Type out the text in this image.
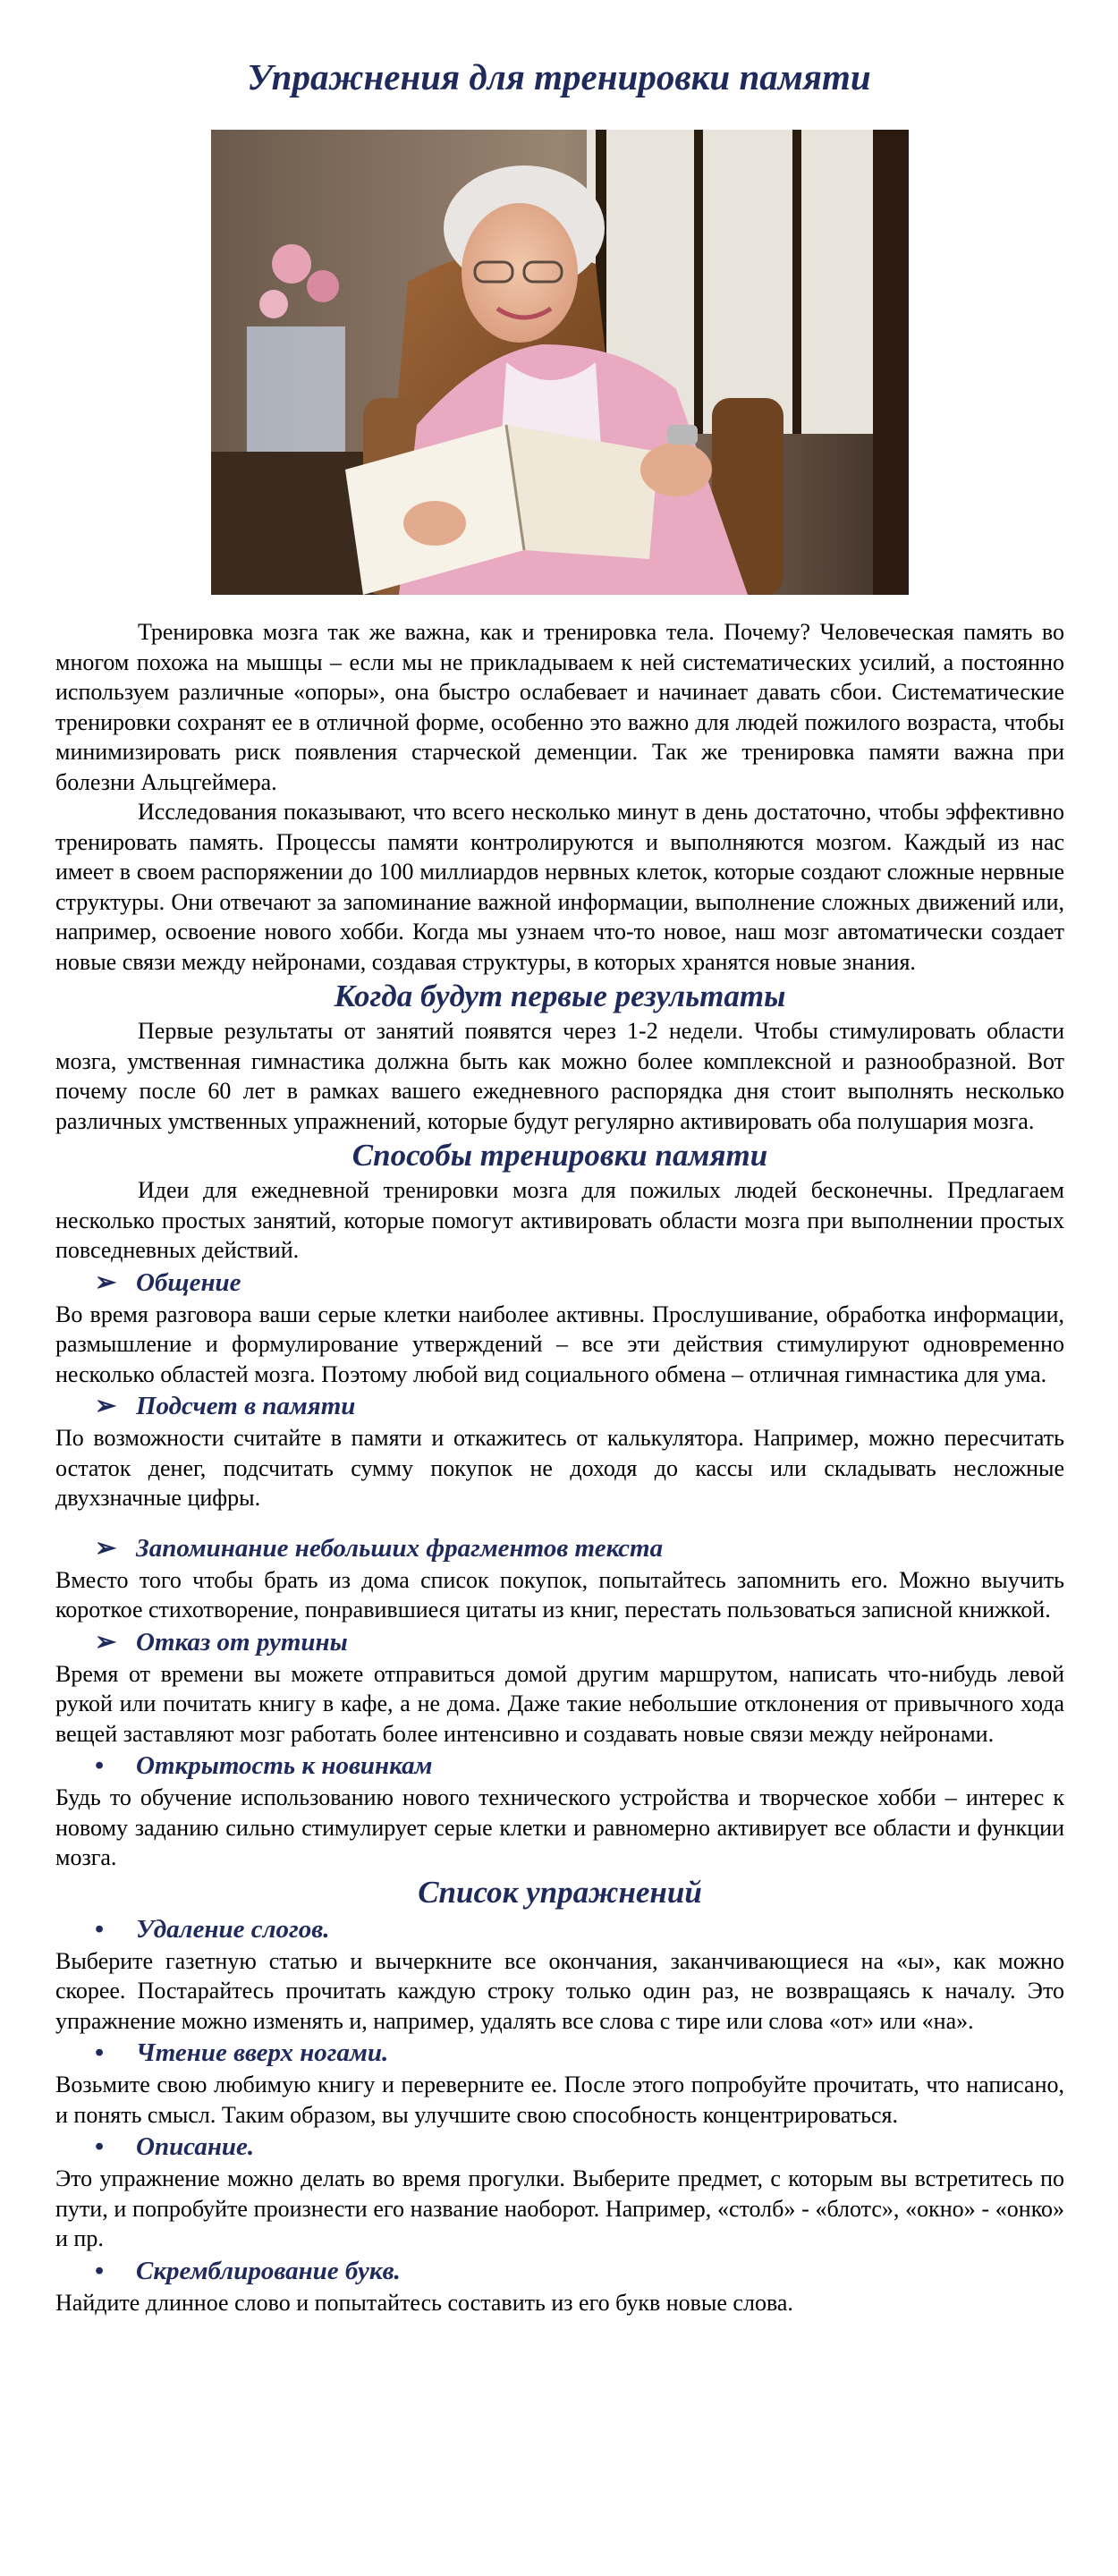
Упражнения для тренировки памяти

Тренировка мозга так же важна, как и тренировка тела. Почему? Человеческая память во многом похожа на мышцы – если мы не прикладываем к ней систематических усилий, а постоянно используем различные «опоры», она быстро ослабевает и начинает давать сбои. Систематические тренировки сохранят ее в отличной форме, особенно это важно для людей пожилого возраста, чтобы минимизировать риск появления старческой деменции. Так же тренировка памяти важна при болезни Альцгеймера.

Исследования показывают, что всего несколько минут в день достаточно, чтобы эффективно тренировать память. Процессы памяти контролируются и выполняются мозгом. Каждый из нас имеет в своем распоряжении до 100 миллиардов нервных клеток, которые создают сложные нервные структуры. Они отвечают за запоминание важной информации, выполнение сложных движений или, например, освоение нового хобби. Когда мы узнаем что-то новое, наш мозг автоматически создает новые связи между нейронами, создавая структуры, в которых хранятся новые знания.

Когда будут первые результаты

Первые результаты от занятий появятся через 1-2 недели. Чтобы стимулировать области мозга, умственная гимнастика должна быть как можно более комплексной и разнообразной. Вот почему после 60 лет в рамках вашего ежедневного распорядка дня стоит выполнять несколько различных умственных упражнений, которые будут регулярно активировать оба полушария мозга.

Способы тренировки памяти

Идеи для ежедневной тренировки мозга для пожилых людей бесконечны. Предлагаем несколько простых занятий, которые помогут активировать области мозга при выполнении простых повседневных действий.

➢ Общение

Во время разговора ваши серые клетки наиболее активны. Прослушивание, обработка информации, размышление и формулирование утверждений – все эти действия стимулируют одновременно несколько областей мозга. Поэтому любой вид социального обмена – отличная гимнастика для ума.

➢ Подсчет в памяти

По возможности считайте в памяти и откажитесь от калькулятора. Например, можно пересчитать остаток денег, подсчитать сумму покупок не доходя до кассы или складывать несложные двухзначные цифры.

➢ Запоминание небольших фрагментов текста

Вместо того чтобы брать из дома список покупок, попытайтесь запомнить его. Можно выучить короткое стихотворение, понравившиеся цитаты из книг, перестать пользоваться записной книжкой.

➢ Отказ от рутины

Время от времени вы можете отправиться домой другим маршрутом, написать что-нибудь левой рукой или почитать книгу в кафе, а не дома. Даже такие небольшие отклонения от привычного хода вещей заставляют мозг работать более интенсивно и создавать новые связи между нейронами.

• Открытость к новинкам

Будь то обучение использованию нового технического устройства и творческое хобби – интерес к новому заданию сильно стимулирует серые клетки и равномерно активирует все области и функции мозга.

Список упражнений
• Удаление слогов.

Выберите газетную статью и вычеркните все окончания, заканчивающиеся на «ы», как можно скорее. Постарайтесь прочитать каждую строку только один раз, не возвращаясь к началу. Это упражнение можно изменять и, например, удалять все слова с тире или слова «от» или «на».

• Чтение вверх ногами.

Возьмите свою любимую книгу и переверните ее. После этого попробуйте прочитать, что написано, и понять смысл. Таким образом, вы улучшите свою способность концентрироваться.

• Описание.

Это упражнение можно делать во время прогулки. Выберите предмет, с которым вы встретитесь по пути, и попробуйте произнести его название наоборот. Например, «столб» - «блотс», «окно» - «онко» и пр.

• Скремблирование букв.

Найдите длинное слово и попытайтесь составить из его букв новые слова.
